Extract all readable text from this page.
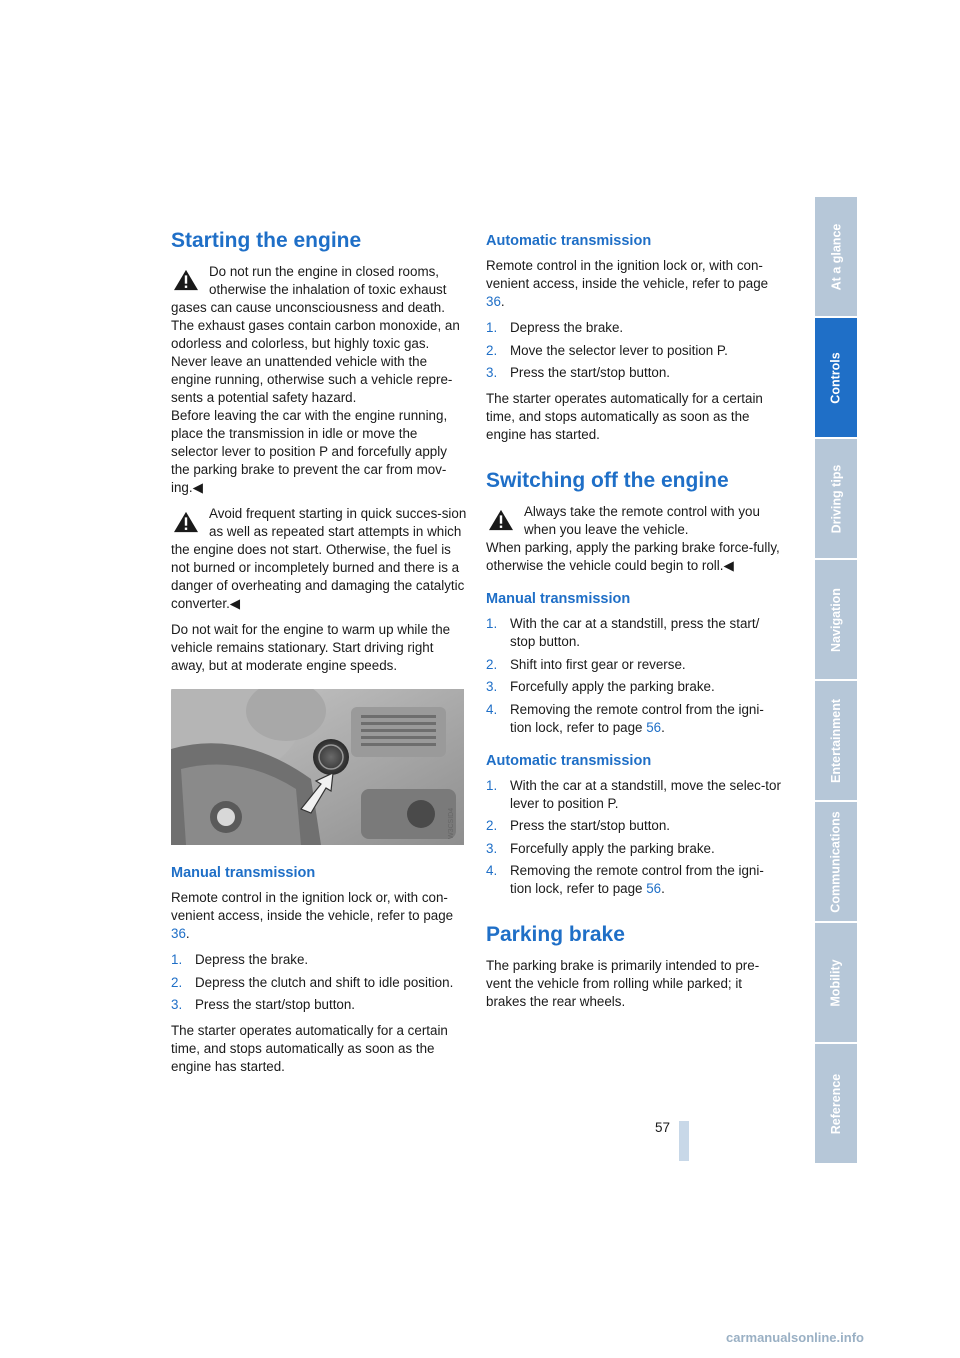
Starting the engine

Do not run the engine in closed rooms, otherwise the inhalation of toxic exhaust gases can cause unconsciousness and death. The exhaust gases contain carbon monoxide, an odorless and colorless, but highly toxic gas. Never leave an unattended vehicle with the engine running, otherwise such a vehicle repre-sents a potential safety hazard.

Before leaving the car with the engine running, place the transmission in idle or move the selector lever to position P and forcefully apply the parking brake to prevent the car from mov-ing.◀

Avoid frequent starting in quick succes-sion as well as repeated start attempts in which the engine does not start. Otherwise, the fuel is not burned or incompletely burned and there is a danger of overheating and damaging the catalytic converter.◀

Do not wait for the engine to warm up while the vehicle remains stationary. Start driving right away, but at moderate engine speeds.

W3CSID4
Manual transmission

Remote control in the ignition lock or, with con-venient access, inside the vehicle, refer to page 36.

1. Depress the brake.
2. Depress the clutch and shift to idle position.
3. Press the start/stop button.

The starter operates automatically for a certain time, and stops automatically as soon as the engine has started.

Automatic transmission

Remote control in the ignition lock or, with con-venient access, inside the vehicle, refer to page 36.

1. Depress the brake.
2. Move the selector lever to position P.
3. Press the start/stop button.

The starter operates automatically for a certain time, and stops automatically as soon as the engine has started.

Switching off the engine

Always take the remote control with you when you leave the vehicle.

When parking, apply the parking brake force-fully, otherwise the vehicle could begin to roll.◀

Manual transmission
1. With the car at a standstill, press the start/ stop button.
2. Shift into first gear or reverse.
3. Forcefully apply the parking brake.
4. Removing the remote control from the igni-tion lock, refer to page 56.
Automatic transmission
1. With the car at a standstill, move the selec-tor lever to position P.
2. Press the start/stop button.
3. Forcefully apply the parking brake.
4. Removing the remote control from the igni-tion lock, refer to page 56.
Parking brake

The parking brake is primarily intended to pre-vent the vehicle from rolling while parked; it brakes the rear wheels.

At a glance
Controls
Driving tips
Navigation
Entertainment
Communications
Mobility
Reference
57
carmanualsonline.info
